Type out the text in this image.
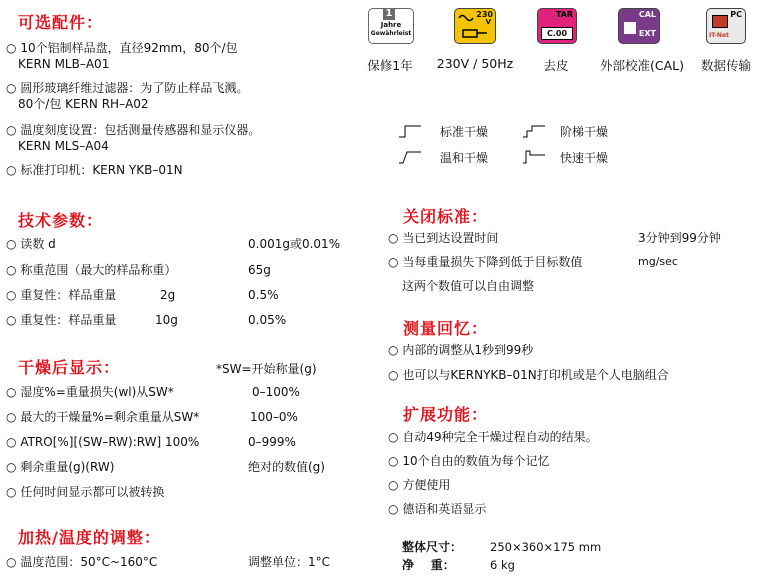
可选配件：
○ 10个铝制样品盘，直径92mm，80个/包
KERN MLB–A01
○ 圆形玻璃纤维过滤器：为了防止样品飞溅。
80个/包 KERN RH–A02
○ 温度刻度设置：包括测量传感器和显示仪器。
KERN MLS–A04
○ 标准打印机：KERN YKB–01N
技术参数：
○ 读数 d	0.001g或0.01%
○ 称重范围（最大的样品称重）	65g
○ 重复性：样品重量	2g	0.5%
○ 重复性：样品重量	10g	0.05%
干燥后显示：	*SW=开始称量(g)
○ 湿度%=重量损失(wl)从SW*	0–100%
○ 最大的干燥量%=剩余重量从SW*	100–0%
○ ATRO[%][(SW–RW):RW] 100%	0–999%
○ 剩余重量(g)(RW)	绝对的数值(g)
○ 任何时间显示都可以被转换
加热/温度的调整：
○ 温度范围：50°C~160°C	调整单位：1°C
1
Jahre
Gewährleist
保修1年
230
V
230V / 50Hz
TAR
C.00
去皮
CAL
EXT
外部校准(CAL)
PC
IT-Net
数据传输
标准干燥	阶梯干燥
温和干燥	快速干燥
关闭标准：
○ 当已到达设置时间	3分钟到99分钟
○ 当每重量损失下降到低于目标数值	mg/sec
这两个数值可以自由调整
测量回忆：
○ 内部的调整从1秒到99秒
○ 也可以与KERNYKB–01N打印机或是个人电脑组合
扩展功能：
○ 自动49种完全干燥过程自动的结果。
○ 10个自由的数值为每个记忆
○ 方便使用
○ 德语和英语显示
整体尺寸： 250×360×175 mm
净    重：	6 kg
